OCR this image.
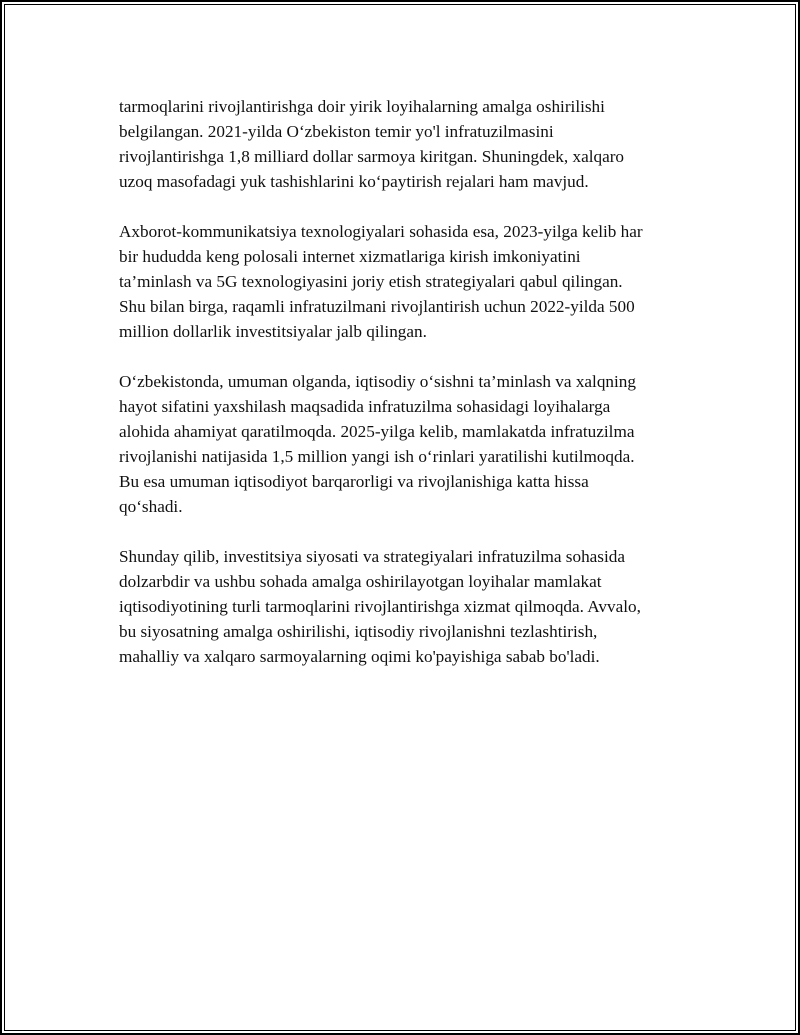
tarmoqlarini rivojlantirishga doir yirik loyihalarning amalga oshirilishi
belgilangan. 2021-yilda O‘zbekiston temir yo'l infratuzilmasini
rivojlantirishga 1,8 milliard dollar sarmoya kiritgan. Shuningdek, xalqaro
uzoq masofadagi yuk tashishlarini ko‘paytirish rejalari ham mavjud.

Axborot-kommunikatsiya texnologiyalari sohasida esa, 2023-yilga kelib har
bir hududda keng polosali internet xizmatlariga kirish imkoniyatini
ta’minlash va 5G texnologiyasini joriy etish strategiyalari qabul qilingan.
Shu bilan birga, raqamli infratuzilmani rivojlantirish uchun 2022-yilda 500
million dollarlik investitsiyalar jalb qilingan.

O‘zbekistonda, umuman olganda, iqtisodiy o‘sishni ta’minlash va xalqning
hayot sifatini yaxshilash maqsadida infratuzilma sohasidagi loyihalarga
alohida ahamiyat qaratilmoqda. 2025-yilga kelib, mamlakatda infratuzilma
rivojlanishi natijasida 1,5 million yangi ish o‘rinlari yaratilishi kutilmoqda.
Bu esa umuman iqtisodiyot barqarorligi va rivojlanishiga katta hissa
qo‘shadi.

Shunday qilib, investitsiya siyosati va strategiyalari infratuzilma sohasida
dolzarbdir va ushbu sohada amalga oshirilayotgan loyihalar mamlakat
iqtisodiyotining turli tarmoqlarini rivojlantirishga xizmat qilmoqda. Avvalo,
bu siyosatning amalga oshirilishi, iqtisodiy rivojlanishni tezlashtirish,
mahalliy va xalqaro sarmoyalarning oqimi ko'payishiga sabab bo'ladi.
